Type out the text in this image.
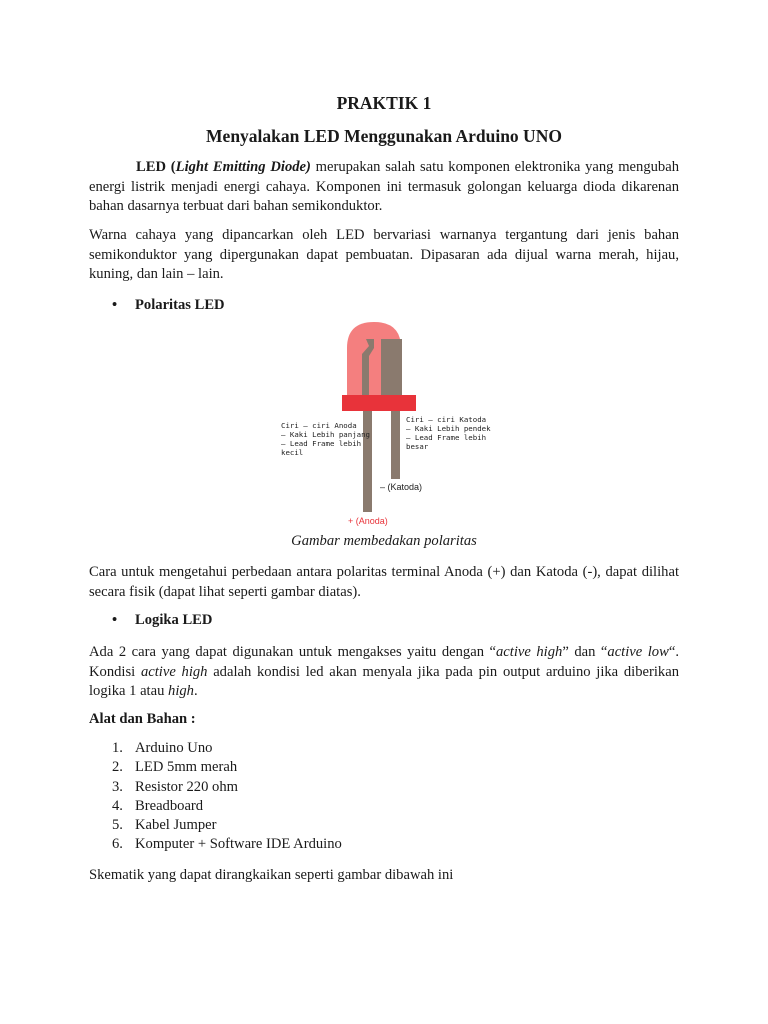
PRAKTIK 1
Menyalakan LED Menggunakan Arduino UNO

LED (Light Emitting Diode) merupakan salah satu komponen elektronika yang mengubah energi listrik menjadi energi cahaya. Komponen ini termasuk golongan keluarga dioda dikarenan bahan dasarnya terbuat dari bahan semikonduktor.

Warna cahaya yang dipancarkan oleh LED bervariasi warnanya tergantung dari jenis bahan semikonduktor yang dipergunakan dapat pembuatan. Dipasaran ada dijual warna merah, hijau, kuning, dan lain – lain.

• Polaritas LED
Ciri – ciri Anoda
– Kaki Lebih panjang
– Lead Frame lebih
kecil
Ciri – ciri Katoda
– Kaki Lebih pendek
– Lead Frame lebih
besar
– (Katoda)
+ (Anoda)
Gambar membedakan polaritas

Cara untuk mengetahui perbedaan antara polaritas terminal Anoda (+) dan Katoda (-), dapat dilihat secara fisik (dapat lihat seperti gambar diatas).

• Logika LED

Ada 2 cara yang dapat digunakan untuk mengakses yaitu dengan “active high” dan “active low“. Kondisi active high adalah kondisi led akan menyala jika pada pin output arduino jika diberikan logika 1 atau high.

Alat dan Bahan :
1. Arduino Uno
2. LED 5mm merah
3. Resistor 220 ohm
4. Breadboard
5. Kabel Jumper
6. Komputer + Software IDE Arduino

Skematik yang dapat dirangkaikan seperti gambar dibawah ini
